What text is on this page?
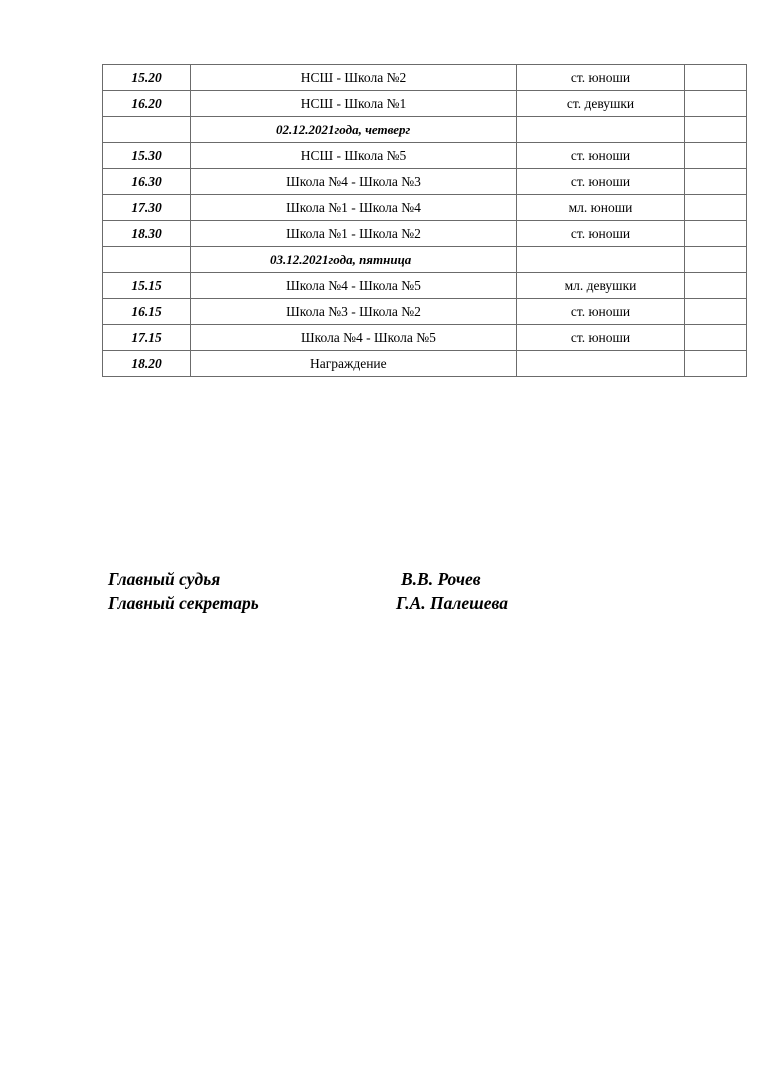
15.20	НСШ - Школа №2	ст. юноши	
16.20	НСШ - Школа №1	ст. девушки	
	02.12.2021года, четверг		
15.30	НСШ - Школа №5	ст. юноши	
16.30	Школа №4 - Школа №3	ст. юноши	
17.30	Школа №1 - Школа №4	мл. юноши	
18.30	Школа №1 - Школа №2	ст. юноши	
	03.12.2021года, пятница		
15.15	Школа №4 - Школа №5	мл. девушки	
16.15	Школа №3 - Школа №2	ст. юноши	
17.15	Школа №4 - Школа №5	ст. юноши	
18.20	Награждение		
Главный судья	В.В. Рочев
Главный секретарь	Г.А. Палешева
